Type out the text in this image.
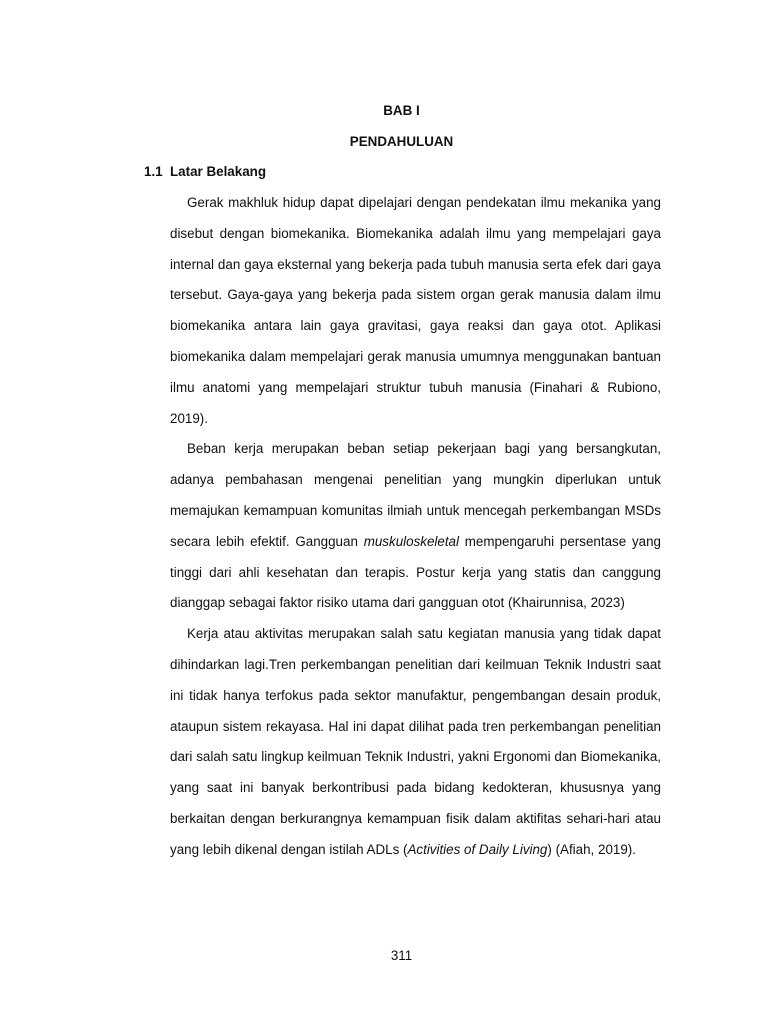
BAB I
PENDAHULUAN
1.1 Latar Belakang

Gerak makhluk hidup dapat dipelajari dengan pendekatan ilmu mekanika yang disebut dengan biomekanika. Biomekanika adalah ilmu yang mempelajari gaya internal dan gaya eksternal yang bekerja pada tubuh manusia serta efek dari gaya tersebut. Gaya-gaya yang bekerja pada sistem organ gerak manusia dalam ilmu biomekanika antara lain gaya gravitasi, gaya reaksi dan gaya otot. Aplikasi biomekanika dalam mempelajari gerak manusia umumnya menggunakan bantuan ilmu anatomi yang mempelajari struktur tubuh manusia (Finahari & Rubiono, 2019).

Beban kerja merupakan beban setiap pekerjaan bagi yang bersangkutan, adanya pembahasan mengenai penelitian yang mungkin diperlukan untuk memajukan kemampuan komunitas ilmiah untuk mencegah perkembangan MSDs secara lebih efektif. Gangguan muskuloskeletal mempengaruhi persentase yang tinggi dari ahli kesehatan dan terapis. Postur kerja yang statis dan canggung dianggap sebagai faktor risiko utama dari gangguan otot (Khairunnisa, 2023)

Kerja atau aktivitas merupakan salah satu kegiatan manusia yang tidak dapat dihindarkan lagi.Tren perkembangan penelitian dari keilmuan Teknik Industri saat ini tidak hanya terfokus pada sektor manufaktur, pengembangan desain produk, ataupun sistem rekayasa. Hal ini dapat dilihat pada tren perkembangan penelitian dari salah satu lingkup keilmuan Teknik Industri, yakni Ergonomi dan Biomekanika, yang saat ini banyak berkontribusi pada bidang kedokteran, khususnya yang berkaitan dengan berkurangnya kemampuan fisik dalam aktifitas sehari-hari atau yang lebih dikenal dengan istilah ADLs (Activities of Daily Living) (Afiah, 2019).

311
